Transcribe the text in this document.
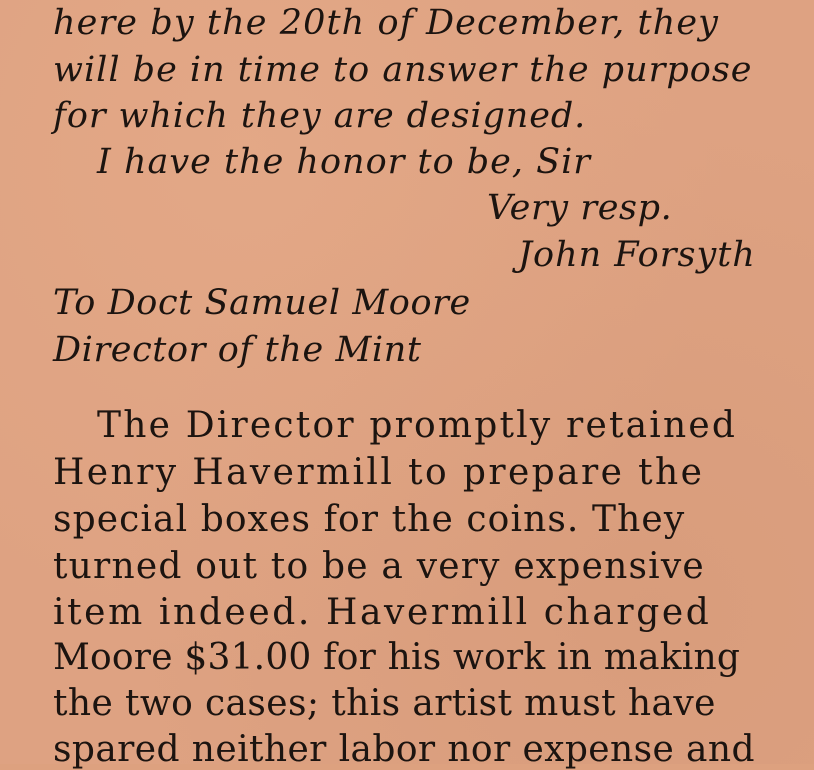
here by the 20th of December, they
will be in time to answer the purpose
for which they are designed.
I have the honor to be, Sir
Very resp.
John Forsyth
To Doct Samuel Moore
Director of the Mint
The Director promptly retained
Henry Havermill to prepare the
special boxes for the coins. They
turned out to be a very expensive
item indeed. Havermill charged
Moore $31.00 for his work in making
the two cases; this artist must have
spared neither labor nor expense and
